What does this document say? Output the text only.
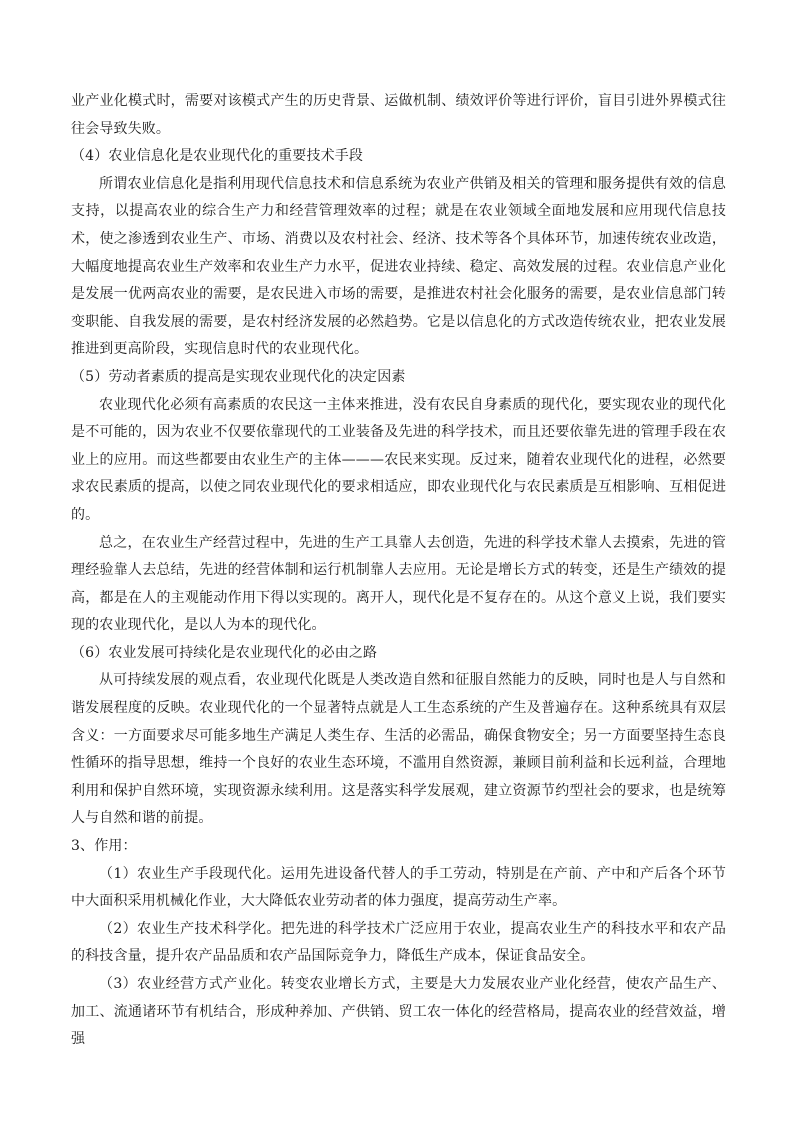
业产业化模式时，需要对该模式产生的历史背景、运做机制、绩效评价等进行评价，盲目引进外界模式往往会导致失败。

（4）农业信息化是农业现代化的重要技术手段

所谓农业信息化是指利用现代信息技术和信息系统为农业产供销及相关的管理和服务提供有效的信息支持，以提高农业的综合生产力和经营管理效率的过程；就是在农业领域全面地发展和应用现代信息技术，使之渗透到农业生产、市场、消费以及农村社会、经济、技术等各个具体环节，加速传统农业改造，大幅度地提高农业生产效率和农业生产力水平，促进农业持续、稳定、高效发展的过程。农业信息产业化是发展一优两高农业的需要，是农民进入市场的需要，是推进农村社会化服务的需要，是农业信息部门转变职能、自我发展的需要，是农村经济发展的必然趋势。它是以信息化的方式改造传统农业，把农业发展推进到更高阶段，实现信息时代的农业现代化。

（5）劳动者素质的提高是实现农业现代化的决定因素

农业现代化必须有高素质的农民这一主体来推进，没有农民自身素质的现代化，要实现农业的现代化是不可能的，因为农业不仅要依靠现代的工业装备及先进的科学技术，而且还要依靠先进的管理手段在农业上的应用。而这些都要由农业生产的主体———农民来实现。反过来，随着农业现代化的进程，必然要求农民素质的提高，以使之同农业现代化的要求相适应，即农业现代化与农民素质是互相影响、互相促进的。

总之，在农业生产经营过程中，先进的生产工具靠人去创造，先进的科学技术靠人去摸索，先进的管理经验靠人去总结，先进的经营体制和运行机制靠人去应用。无论是增长方式的转变，还是生产绩效的提高，都是在人的主观能动作用下得以实现的。离开人，现代化是不复存在的。从这个意义上说，我们要实现的农业现代化，是以人为本的现代化。

（6）农业发展可持续化是农业现代化的必由之路

从可持续发展的观点看，农业现代化既是人类改造自然和征服自然能力的反映，同时也是人与自然和谐发展程度的反映。农业现代化的一个显著特点就是人工生态系统的产生及普遍存在。这种系统具有双层含义：一方面要求尽可能多地生产满足人类生存、生活的必需品，确保食物安全；另一方面要坚持生态良性循环的指导思想，维持一个良好的农业生态环境，不滥用自然资源，兼顾目前利益和长远利益，合理地利用和保护自然环境，实现资源永续利用。这是落实科学发展观，建立资源节约型社会的要求，也是统筹人与自然和谐的前提。

3、作用：

（1）农业生产手段现代化。运用先进设备代替人的手工劳动，特别是在产前、产中和产后各个环节中大面积采用机械化作业，大大降低农业劳动者的体力强度，提高劳动生产率。

（2）农业生产技术科学化。把先进的科学技术广泛应用于农业，提高农业生产的科技水平和农产品的科技含量，提升农产品品质和农产品国际竞争力，降低生产成本，保证食品安全。

（3）农业经营方式产业化。转变农业增长方式，主要是大力发展农业产业化经营，使农产品生产、加工、流通诸环节有机结合，形成种养加、产供销、贸工农一体化的经营格局，提高农业的经营效益，增强
